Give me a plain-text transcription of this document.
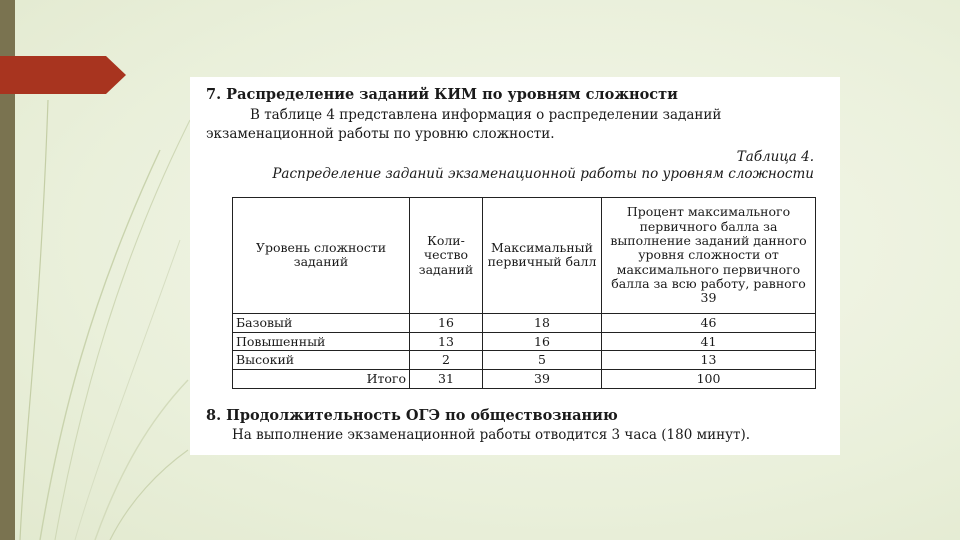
7. Распределение заданий КИМ по уровням сложности
В таблице 4 представлена информация о распределении заданий
экзаменационной работы по уровню сложности.
Таблица 4.
Распределение заданий экзаменационной работы по уровням сложности
Уровень сложности заданий	Коли-чество заданий	Максимальный первичный балл	Процент максимального первичного балла за выполнение заданий данного уровня сложности от максимального первичного балла за всю работу, равного 39
Базовый	16	18	46
Повышенный	13	16	41
Высокий	2	5	13
Итого	31	39	100
8. Продолжительность ОГЭ по обществознанию
На выполнение экзаменационной работы отводится 3 часа (180 минут).
